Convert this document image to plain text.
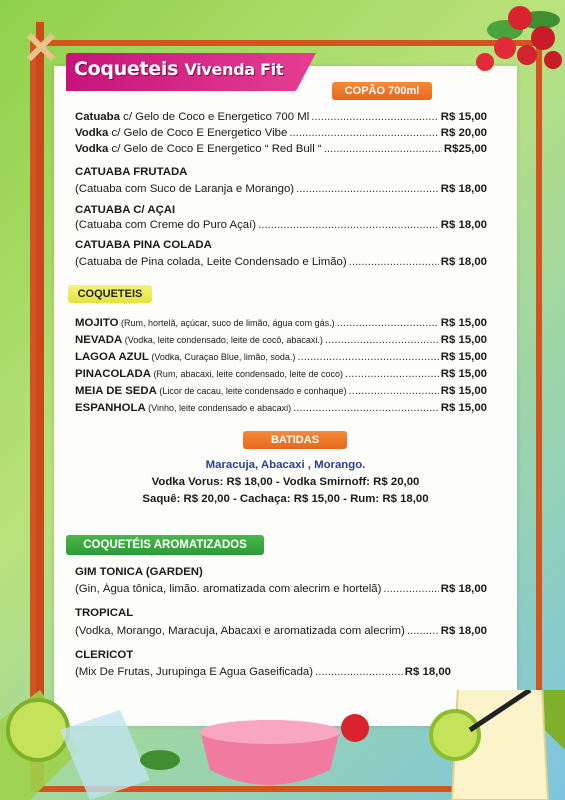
Coqueteis Vivenda Fit
COPÃO 700ml
Catuaba c/ Gelo de Coco e Energetico 700 Ml .....	R$ 15,00
Vodka c/ Gelo de Coco E Energetico Vibe .....	R$ 20,00
Vodka c/ Gelo de Coco E Energetico “ Red Bull “ .....	R$25,00
CATUABA FRUTADA
(Catuaba com Suco de Laranja e Morango) .....	R$ 18,00
CATUABA C/ AÇAI
(Catuaba com Creme do Puro Açaí) .....	R$ 18,00
CATUABA PINA COLADA
(Catuaba de Pina colada, Leite Condensado e Limão) .....	R$ 18,00
COQUETEIS
MOJITO (Rum, hortelã, açúcar, suco de limão, água com gás.) .....	R$ 15,00
NEVADA (Vodka, leite condensado, leite de cocô, abacaxi.) .....	R$ 15,00
LAGOA AZUL (Vodka, Curaçao Blue, limão, soda.) .....	R$ 15,00
PINACOLADA (Rum, abacaxi, leite condensado, leite de coco) .....	R$ 15,00
MEIA DE SEDA (Licor de cacau, leite condensado e conhaque) .....	R$ 15,00
ESPANHOLA (Vinho, leite condensado e abacaxi) .....	R$ 15,00
BATIDAS
Maracuja, Abacaxi , Morango.
Vodka Vorus: R$ 18,00 - Vodka Smirnoff: R$ 20,00
Saquê: R$ 20,00 - Cachaça: R$ 15,00 - Rum: R$ 18,00
COQUETÉIS AROMATIZADOS
GIM TONICA (GARDEN)
(Gin, Água tônica, limão. aromatizada com alecrim e hortelã) .....	R$ 18,00
TROPICAL
(Vodka, Morango, Maracuja, Abacaxi e aromatizada com alecrim) .....	R$ 18,00
CLERICOT
(Mix De Frutas, Jurupinga E Agua Gaseificada) .....	R$ 18,00
